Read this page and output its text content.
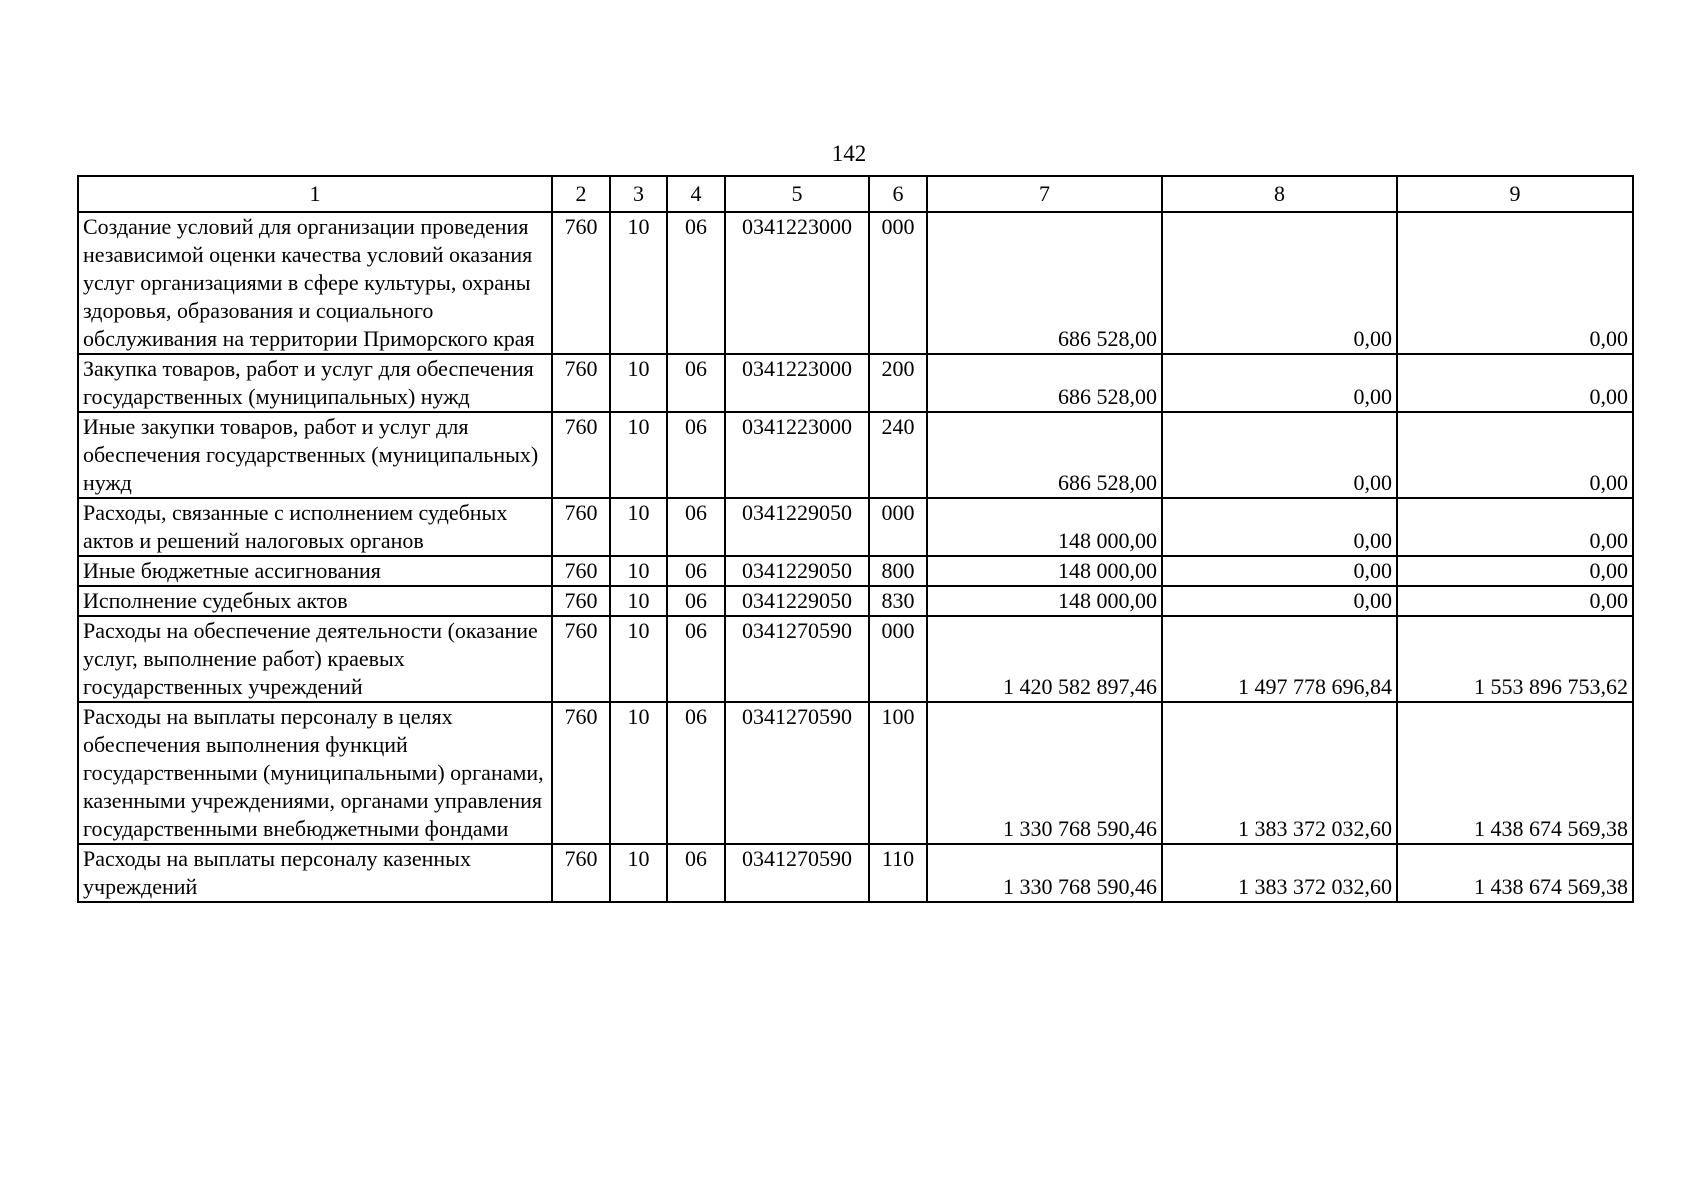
142
1	2	3	4	5	6	7	8	9
Создание условий для организации проведения независимой оценки качества условий оказания услуг организациями в сфере культуры, охраны здоровья, образования и социального обслуживания на территории Приморского края	760	10	06	0341223000	000	686 528,00	0,00	0,00
Закупка товаров, работ и услуг для обеспечения государственных (муниципальных) нужд	760	10	06	0341223000	200	686 528,00	0,00	0,00
Иные закупки товаров, работ и услуг для обеспечения государственных (муниципальных) нужд	760	10	06	0341223000	240	686 528,00	0,00	0,00
Расходы, связанные с исполнением судебных актов и решений налоговых органов	760	10	06	0341229050	000	148 000,00	0,00	0,00
Иные бюджетные ассигнования	760	10	06	0341229050	800	148 000,00	0,00	0,00
Исполнение судебных актов	760	10	06	0341229050	830	148 000,00	0,00	0,00
Расходы на обеспечение деятельности (оказание услуг, выполнение работ) краевых государственных учреждений	760	10	06	0341270590	000	1 420 582 897,46	1 497 778 696,84	1 553 896 753,62
Расходы на выплаты персоналу в целях обеспечения выполнения функций государственными (муниципальными) органами, казенными учреждениями, органами управления государственными внебюджетными фондами	760	10	06	0341270590	100	1 330 768 590,46	1 383 372 032,60	1 438 674 569,38
Расходы на выплаты персоналу казенных учреждений	760	10	06	0341270590	110	1 330 768 590,46	1 383 372 032,60	1 438 674 569,38
